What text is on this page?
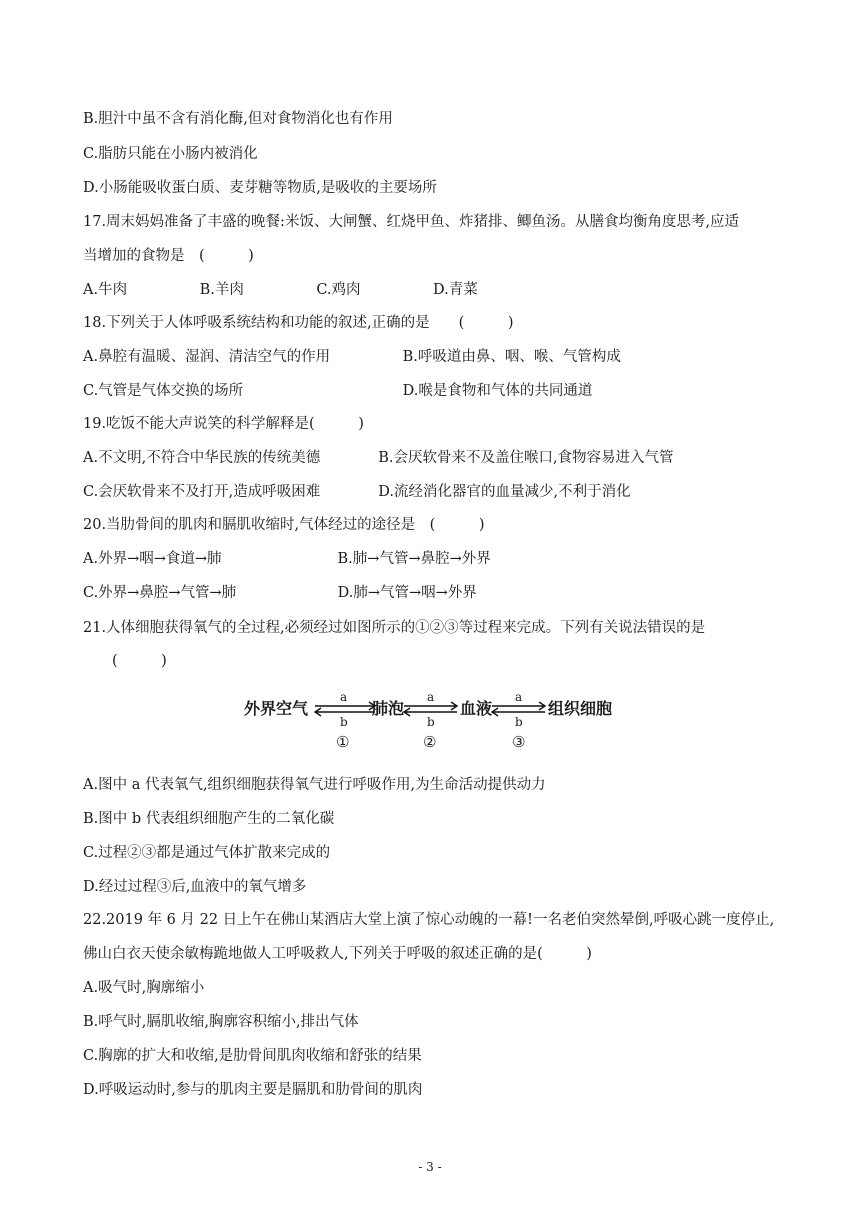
B.胆汁中虽不含有消化酶,但对食物消化也有作用
C.脂肪只能在小肠内被消化
D.小肠能吸收蛋白质、麦芽糖等物质,是吸收的主要场所
17.周末妈妈准备了丰盛的晚餐:米饭、大闸蟹、红烧甲鱼、炸猪排、鲫鱼汤。从膳食均衡角度思考,应适
当增加的食物是　(　　　)
A.牛肉　　　　　B.羊肉　　　　　C.鸡肉　　　　　D.青菜
18.下列关于人体呼吸系统结构和功能的叙述,正确的是　　(　　　)
A.鼻腔有温暖、湿润、清洁空气的作用　　　　　B.呼吸道由鼻、咽、喉、气管构成
C.气管是气体交换的场所　　　　　　　　　　　D.喉是食物和气体的共同通道
19.吃饭不能大声说笑的科学解释是(　　　)
A.不文明,不符合中华民族的传统美德　　　　B.会厌软骨来不及盖住喉口,食物容易进入气管
C.会厌软骨来不及打开,造成呼吸困难　　　　D.流经消化器官的血量减少,不利于消化
20.当肋骨间的肌肉和膈肌收缩时,气体经过的途径是　(　　　)
A.外界→咽→食道→肺　　　　　　　　B.肺→气管→鼻腔→外界
C.外界→鼻腔→气管→肺　　　　　　　D.肺→气管→咽→外界
21.人体细胞获得氧气的全过程,必须经过如图所示的①②③等过程来完成。下列有关说法错误的是
　　(　　　)
外界空气	肺泡	血液	组织细胞
a
b
a
b
a
b
①	②	③
A.图中 a 代表氧气,组织细胞获得氧气进行呼吸作用,为生命活动提供动力
B.图中 b 代表组织细胞产生的二氧化碳
C.过程②③都是通过气体扩散来完成的
D.经过过程③后,血液中的氧气增多
22.2019 年 6 月 22 日上午在佛山某酒店大堂上演了惊心动魄的一幕!一名老伯突然晕倒,呼吸心跳一度停止,
佛山白衣天使余敏梅跪地做人工呼吸救人,下列关于呼吸的叙述正确的是(　　　)
A.吸气时,胸廓缩小
B.呼气时,膈肌收缩,胸廓容积缩小,排出气体
C.胸廓的扩大和收缩,是肋骨间肌肉收缩和舒张的结果
D.呼吸运动时,参与的肌肉主要是膈肌和肋骨间的肌肉
- 3 -
